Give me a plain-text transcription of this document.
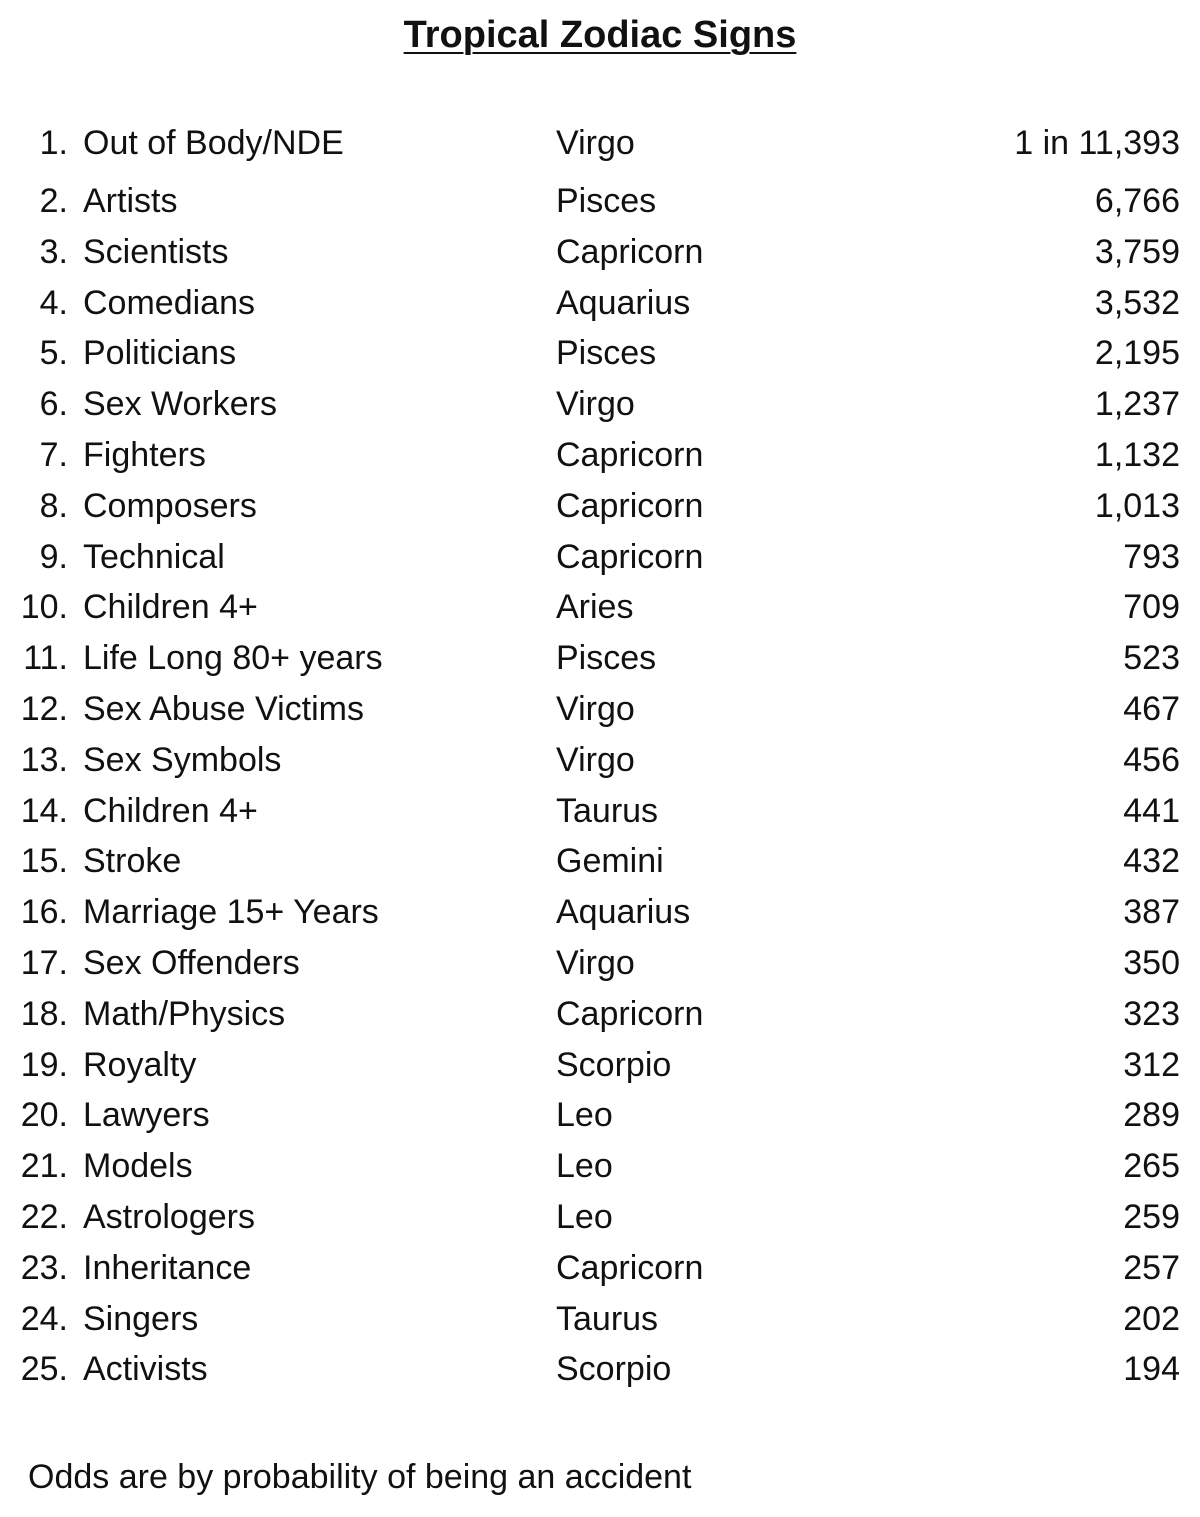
Tropical Zodiac Signs
1. Out of Body/NDE	Virgo	1 in 11,393
2. Artists	Pisces	6,766
3. Scientists	Capricorn	3,759
4. Comedians	Aquarius	3,532
5. Politicians	Pisces	2,195
6. Sex Workers	Virgo	1,237
7. Fighters	Capricorn	1,132
8. Composers	Capricorn	1,013
9. Technical	Capricorn	793
10. Children 4+	Aries	709
11. Life Long 80+ years	Pisces	523
12. Sex Abuse Victims	Virgo	467
13. Sex Symbols	Virgo	456
14. Children 4+	Taurus	441
15. Stroke	Gemini	432
16. Marriage 15+ Years	Aquarius	387
17. Sex Offenders	Virgo	350
18. Math/Physics	Capricorn	323
19. Royalty	Scorpio	312
20. Lawyers	Leo	289
21. Models	Leo	265
22. Astrologers	Leo	259
23. Inheritance	Capricorn	257
24. Singers	Taurus	202
25. Activists	Scorpio	194
Odds are by probability of being an accident
